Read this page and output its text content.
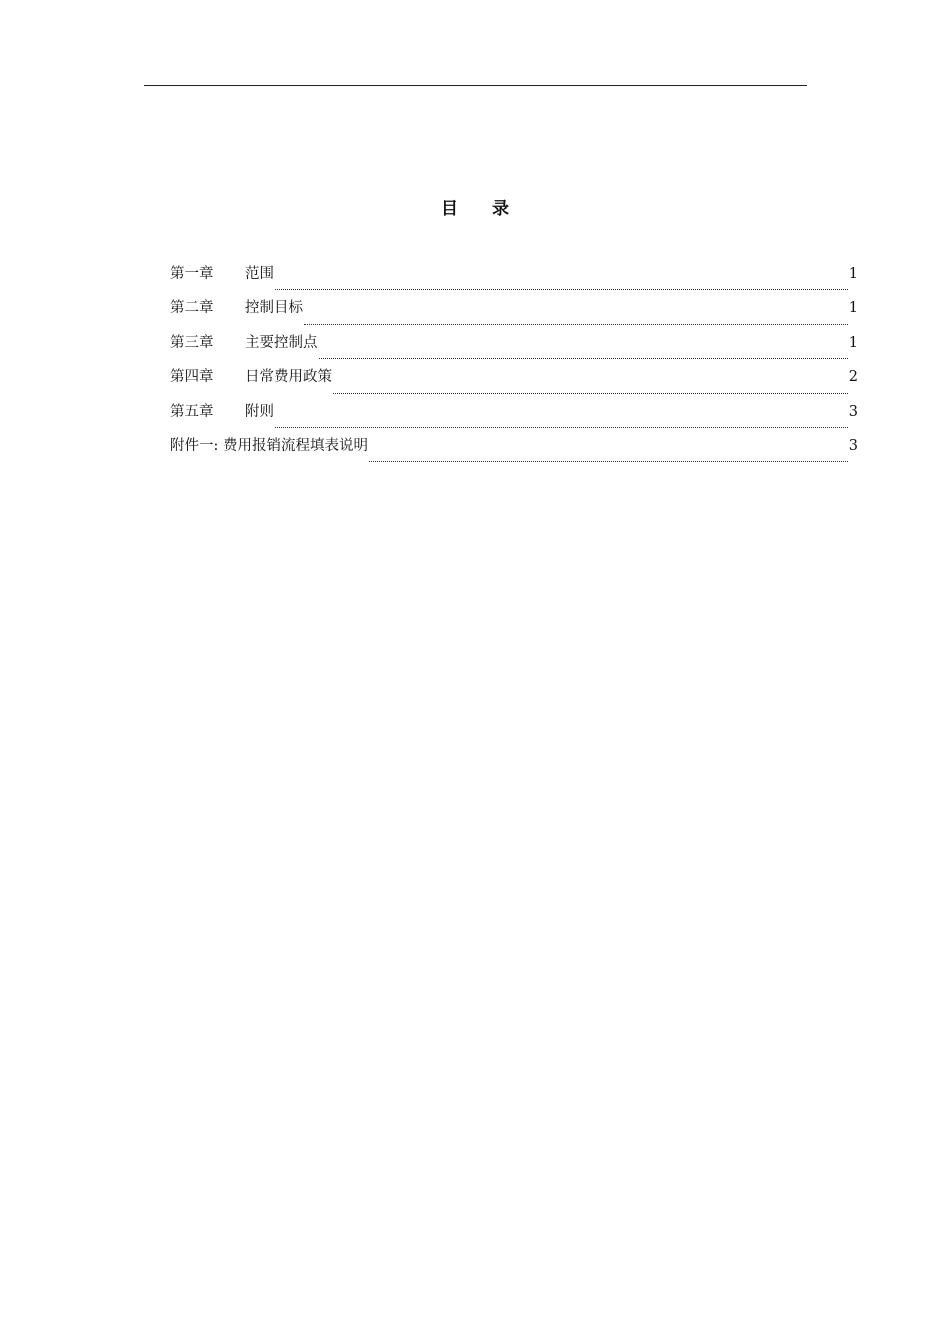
目　　录
第一章	范围	1
第二章	控制目标	1
第三章	主要控制点	1
第四章	日常费用政策	2
第五章	附则	3
附件一: 费用报销流程填表说明	3
